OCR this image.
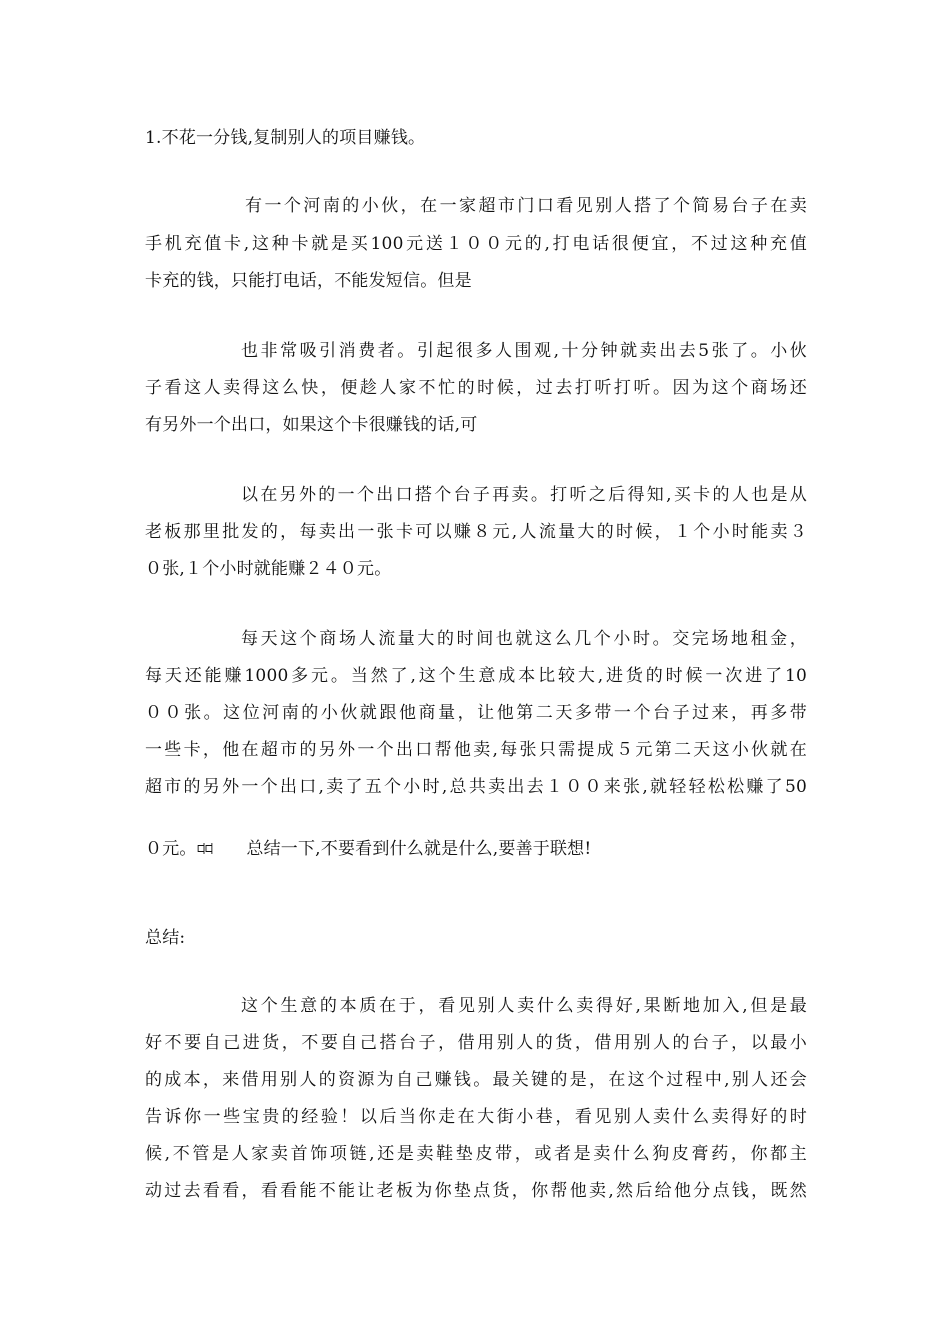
1.不花一分钱,复制别人的项目赚钱。
有一个河南的小伙，在一家超市门口看见别人搭了个简易台子在卖
手机充值卡,这种卡就是买100元送１００元的,打电话很便宜，不过这种充值
卡充的钱，只能打电话，不能发短信。但是
也非常吸引消费者。引起很多人围观,十分钟就卖出去5张了。小伙
子看这人卖得这么快，便趁人家不忙的时候，过去打听打听。因为这个商场还
有另外一个出口，如果这个卡很赚钱的话,可
以在另外的一个出口搭个台子再卖。打听之后得知,买卡的人也是从
老板那里批发的，每卖出一张卡可以赚８元,人流量大的时候，１个小时能卖３
０张,１个小时就能赚２４０元。
每天这个商场人流量大的时间也就这么几个小时。交完场地租金，
每天还能赚1000多元。当然了,这个生意成本比较大,进货的时候一次进了10
００张。这位河南的小伙就跟他商量，让他第二天多带一个台子过来，再多带
一些卡，他在超市的另外一个出口帮他卖,每张只需提成５元第二天这小伙就在
超市的另外一个出口,卖了五个小时,总共卖出去１００来张,就轻轻松松赚了50
０元。ꕼꕼ 总结一下,不要看到什么就是什么,要善于联想!
总结:
这个生意的本质在于，看见别人卖什么卖得好,果断地加入,但是最
好不要自己进货，不要自己搭台子，借用别人的货，借用别人的台子，以最小
的成本，来借用别人的资源为自己赚钱。最关键的是，在这个过程中,别人还会
告诉你一些宝贵的经验！以后当你走在大街小巷，看见别人卖什么卖得好的时
候,不管是人家卖首饰项链,还是卖鞋垫皮带，或者是卖什么狗皮膏药，你都主
动过去看看，看看能不能让老板为你垫点货，你帮他卖,然后给他分点钱，既然
